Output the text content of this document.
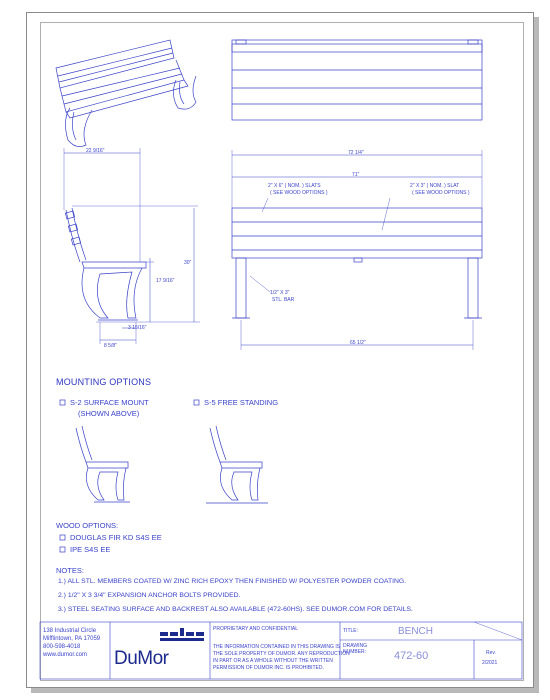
22 9/16"
30"
17 9/16"
3 15/16"
8 5/8"
72 1/4"
71"
65 1/2"
2" X 6" ( NOM. ) SLATS
( SEE WOOD OPTIONS )
2" X 3" ( NOM. ) SLAT
( SEE WOOD OPTIONS )
1/2" X 3"
STL. BAR
MOUNTING OPTIONS
S-2 SURFACE MOUNT
(SHOWN ABOVE)
S-5 FREE STANDING
WOOD OPTIONS:
DOUGLAS FIR KD S4S EE
IPE S4S EE
NOTES:
1.) ALL STL. MEMBERS COATED W/ ZINC RICH EPOXY THEN FINISHED W/ POLYESTER POWDER COATING.
2.) 1/2" X 3 3/4" EXPANSION ANCHOR BOLTS PROVIDED.
3.) STEEL SEATING SURFACE AND BACKREST ALSO AVAILABLE (472-60HS). SEE DUMOR.COM FOR DETAILS.
138 Industrial Circle
Mifflintown, PA 17059
800-598-4018
www.dumor.com DuMor
PROPRIETARY AND CONFIDENTIAL
THE INFORMATION CONTAINED IN THIS DRAWING IS
THE SOLE PROPERTY OF DUMOR. ANY REPRODUCTION
IN PART OR AS A WHOLE WITHOUT THE WRITTEN
PERMISSION OF DUMOR INC. IS PROHIBITED.
TITLE:	BENCH
DRAWING
NUMBER:	472-60	Rev.
2/2021
